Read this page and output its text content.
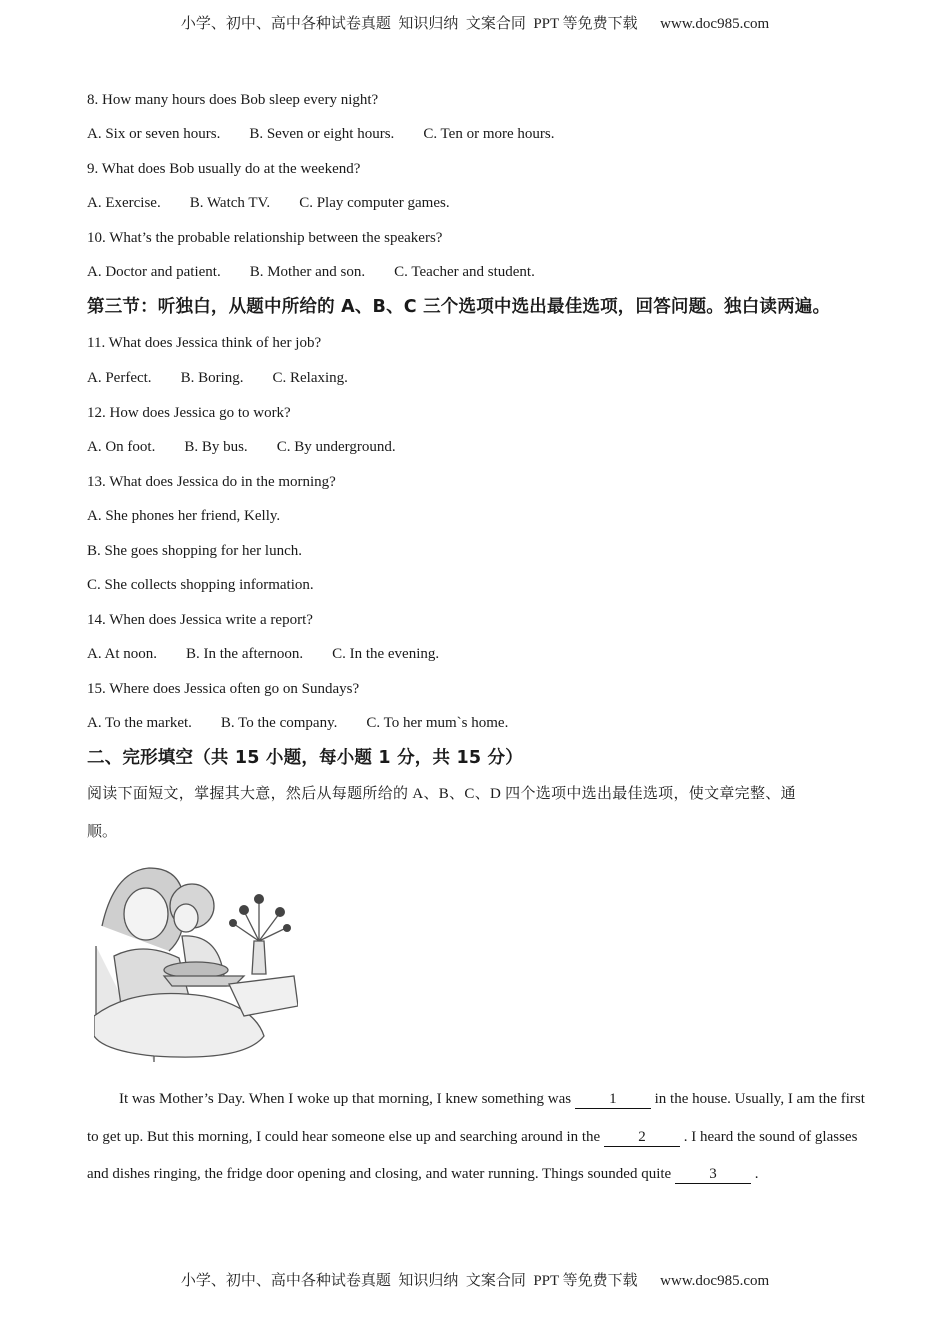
小学、初中、高中各种试卷真题  知识归纳  文案合同  PPT 等免费下载      www.doc985.com
8. How many hours does Bob sleep every night?
A. Six or seven hours. B. Seven or eight hours. C. Ten or more hours.
9. What does Bob usually do at the weekend?
A. Exercise. B. Watch TV. C. Play computer games.
10. What’s the probable relationship between the speakers?
A. Doctor and patient. B. Mother and son. C. Teacher and student.
第三节：听独白，从题中所给的 A、B、C 三个选项中选出最佳选项，回答问题。独白读两遍。
11. What does Jessica think of her job?
A. Perfect. B. Boring. C. Relaxing.
12. How does Jessica go to work?
A. On foot. B. By bus. C. By underground.
13. What does Jessica do in the morning?
A. She phones her friend, Kelly.
B. She goes shopping for her lunch.
C. She collects shopping information.
14. When does Jessica write a report?
A. At noon. B. In the afternoon. C. In the evening.
15. Where does Jessica often go on Sundays?
A. To the market. B. To the company. C. To her mum`s home.
二、完形填空（共 15 小题，每小题 1 分，共 15 分）
阅读下面短文，掌握其大意，然后从每题所给的 A、B、C、D 四个选项中选出最佳选项，使文章完整、通
顺。
It was Mother’s Day. When I woke up that morning, I knew something was 1 in the house. Usually, I am the first to get up. But this morning, I could hear someone else up and searching around in the 2 . I heard the sound of glasses and dishes ringing, the fridge door opening and closing, and water running. Things sounded quite 3 .
小学、初中、高中各种试卷真题  知识归纳  文案合同  PPT 等免费下载      www.doc985.com
